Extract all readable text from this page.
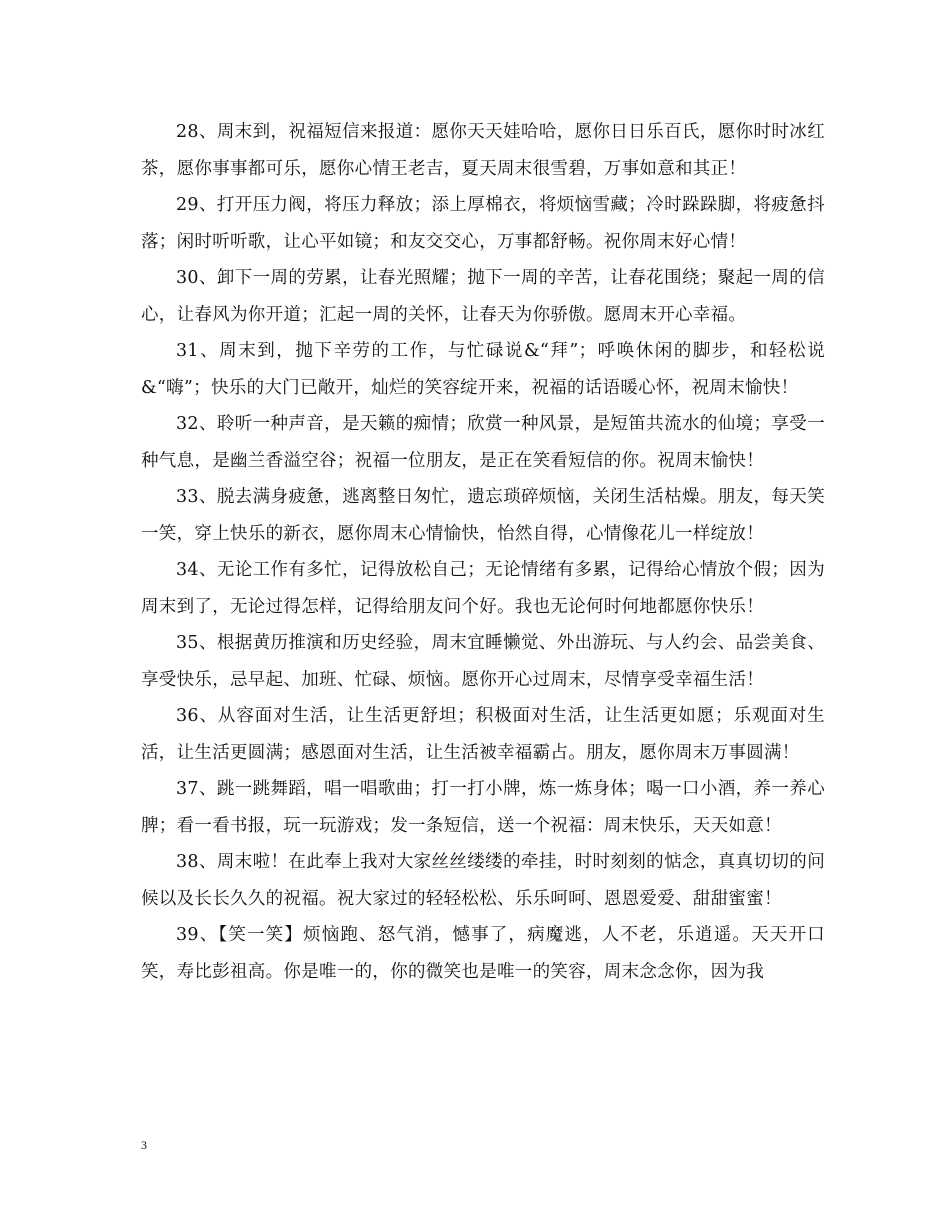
28、周末到，祝福短信来报道：愿你天天娃哈哈，愿你日日乐百氏，愿你时时冰红茶，愿你事事都可乐，愿你心情王老吉，夏天周末很雪碧，万事如意和其正！

29、打开压力阀，将压力释放；添上厚棉衣，将烦恼雪藏；冷时跺跺脚，将疲惫抖落；闲时听听歌，让心平如镜；和友交交心，万事都舒畅。祝你周末好心情！

30、卸下一周的劳累，让春光照耀；抛下一周的辛苦，让春花围绕；聚起一周的信心，让春风为你开道；汇起一周的关怀，让春天为你骄傲。愿周末开心幸福。

31、周末到，抛下辛劳的工作，与忙碌说&“拜”；呼唤休闲的脚步，和轻松说&“嗨”；快乐的大门已敞开，灿烂的笑容绽开来，祝福的话语暖心怀，祝周末愉快！

32、聆听一种声音，是天籁的痴情；欣赏一种风景，是短笛共流水的仙境；享受一种气息，是幽兰香溢空谷；祝福一位朋友，是正在笑看短信的你。祝周末愉快！

33、脱去满身疲惫，逃离整日匆忙，遗忘琐碎烦恼，关闭生活枯燥。朋友，每天笑一笑，穿上快乐的新衣，愿你周末心情愉快，怡然自得，心情像花儿一样绽放！

34、无论工作有多忙，记得放松自己；无论情绪有多累，记得给心情放个假；因为周末到了，无论过得怎样，记得给朋友问个好。我也无论何时何地都愿你快乐！

35、根据黄历推演和历史经验，周末宜睡懒觉、外出游玩、与人约会、品尝美食、享受快乐，忌早起、加班、忙碌、烦恼。愿你开心过周末，尽情享受幸福生活！

36、从容面对生活，让生活更舒坦；积极面对生活，让生活更如愿；乐观面对生活，让生活更圆满；感恩面对生活，让生活被幸福霸占。朋友，愿你周末万事圆满！

37、跳一跳舞蹈，唱一唱歌曲；打一打小牌，炼一炼身体；喝一口小酒，养一养心脾；看一看书报，玩一玩游戏；发一条短信，送一个祝福：周末快乐，天天如意！

38、周末啦！在此奉上我对大家丝丝缕缕的牵挂，时时刻刻的惦念，真真切切的问候以及长长久久的祝福。祝大家过的轻轻松松、乐乐呵呵、恩恩爱爱、甜甜蜜蜜！

39、【笑一笑】烦恼跑、怒气消，憾事了，病魔逃，人不老，乐逍遥。天天开口笑，寿比彭祖高。你是唯一的，你的微笑也是唯一的笑容，周末念念你，因为我

3
